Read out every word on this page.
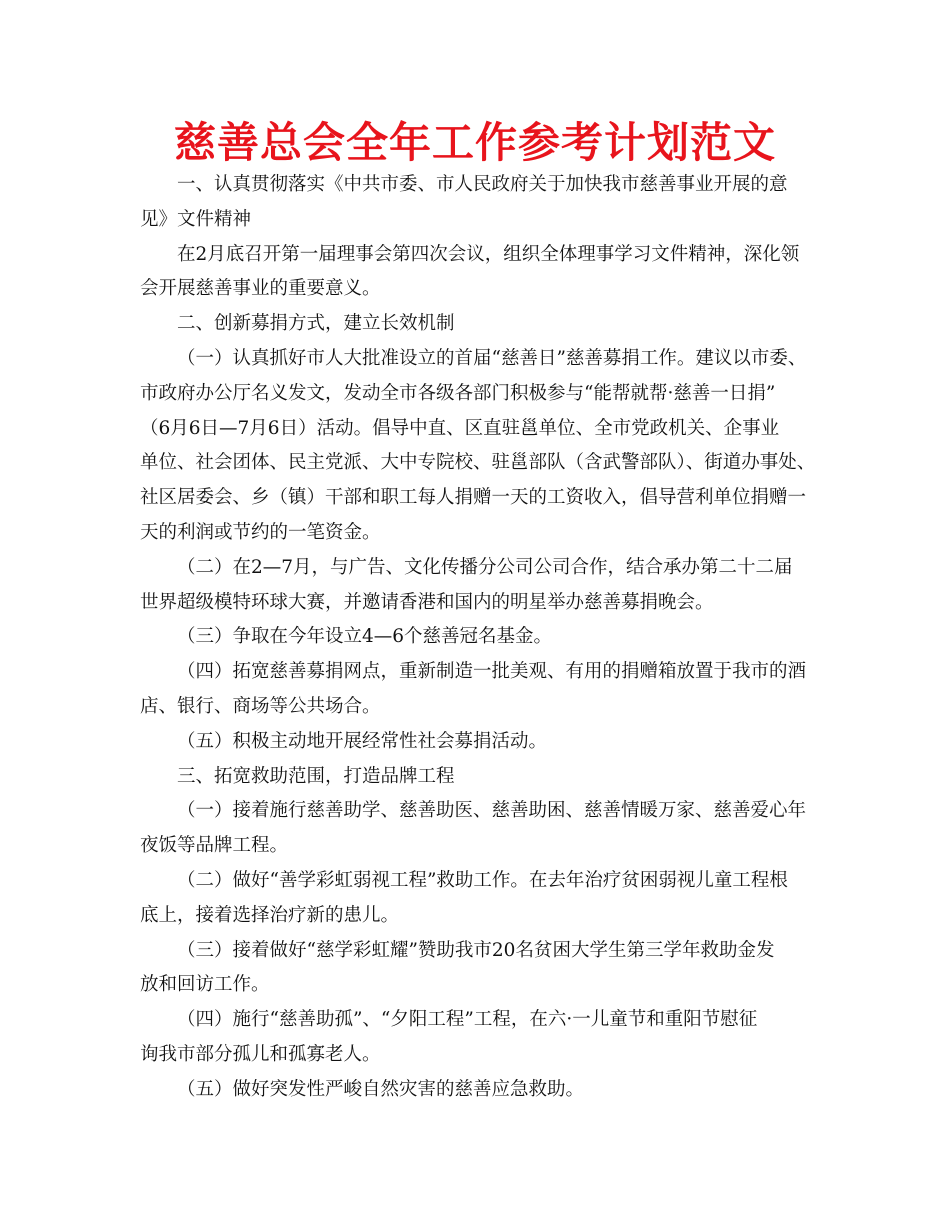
慈善总会全年工作参考计划范文
一、认真贯彻落实《中共市委、市人民政府关于加快我市慈善事业开展的意
见》文件精神
在2月底召开第一届理事会第四次会议，组织全体理事学习文件精神，深化领
会开展慈善事业的重要意义。
二、创新募捐方式，建立长效机制
（一）认真抓好市人大批准设立的首届“慈善日”慈善募捐工作。建议以市委、
市政府办公厅名义发文，发动全市各级各部门积极参与“能帮就帮·慈善一日捐”
（6月6日—7月6日）活动。倡导中直、区直驻邕单位、全市党政机关、企事业
单位、社会团体、民主党派、大中专院校、驻邕部队（含武警部队）、街道办事处、
社区居委会、乡（镇）干部和职工每人捐赠一天的工资收入，倡导营利单位捐赠一
天的利润或节约的一笔资金。
（二）在2—7月，与广告、文化传播分公司公司合作，结合承办第二十二届
世界超级模特环球大赛，并邀请香港和国内的明星举办慈善募捐晚会。
（三）争取在今年设立4—6个慈善冠名基金。
（四）拓宽慈善募捐网点，重新制造一批美观、有用的捐赠箱放置于我市的酒
店、银行、商场等公共场合。
（五）积极主动地开展经常性社会募捐活动。
三、拓宽救助范围，打造品牌工程
（一）接着施行慈善助学、慈善助医、慈善助困、慈善情暖万家、慈善爱心年
夜饭等品牌工程。
（二）做好“善学彩虹弱视工程”救助工作。在去年治疗贫困弱视儿童工程根
底上，接着选择治疗新的患儿。
（三）接着做好“慈学彩虹耀”赞助我市20名贫困大学生第三学年救助金发
放和回访工作。
（四）施行“慈善助孤”、“夕阳工程”工程，在六·一儿童节和重阳节慰征
询我市部分孤儿和孤寡老人。
（五）做好突发性严峻自然灾害的慈善应急救助。
